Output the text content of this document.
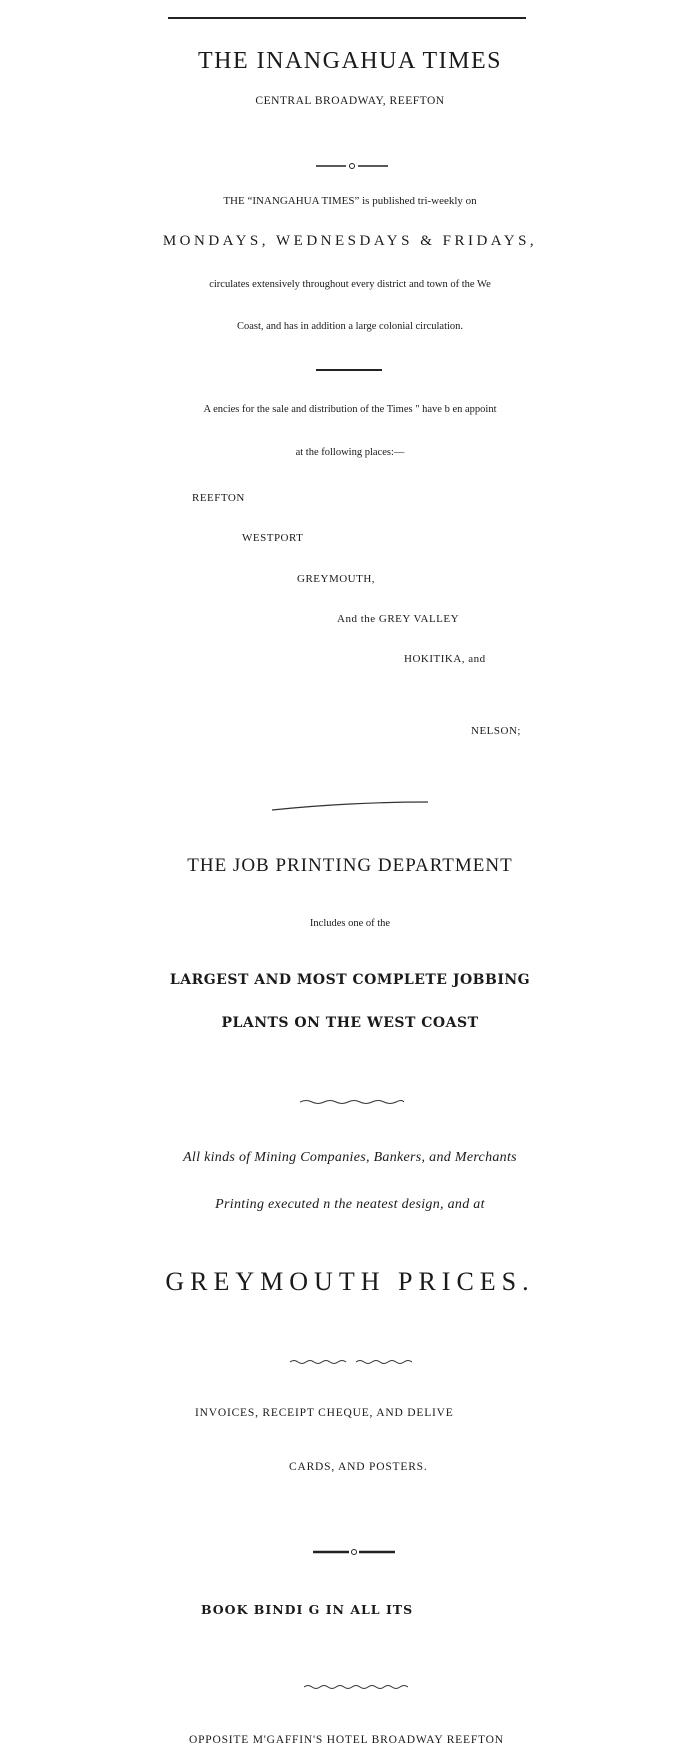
THE INANGAHUA TIMES
CENTRAL BROADWAY, REEFTON
THE “INANGAHUA TIMES” is published tri-weekly on
MONDAYS, WEDNESDAYS & FRIDAYS,
circulates extensively throughout every district and town of the We
Coast, and has in addition a large colonial circulation.
A encies for the sale and distribution of the Times " have b en appoint
at the following places:—
REEFTON
WESTPORT
GREYMOUTH,
And the GREY VALLEY
HOKITIKA, and
NELSON;
THE JOB PRINTING DEPARTMENT
Includes one of the
LARGEST AND MOST COMPLETE JOBBING
PLANTS ON THE WEST COAST
All kinds of Mining Companies, Bankers, and Merchants
Printing executed n the neatest design, and at
GREYMOUTH PRICES.
INVOICES, RECEIPT CHEQUE, AND DELIVE
CARDS, AND POSTERS.
BOOK BINDI G IN ALL ITS
OPPOSITE M'GAFFIN'S HOTEL BROADWAY REEFTON
